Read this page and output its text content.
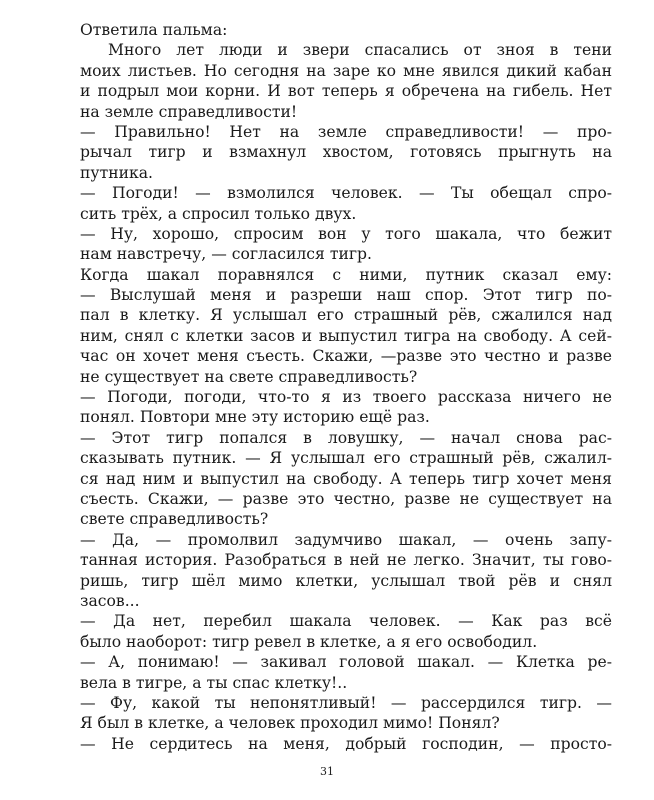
Ответила пальма:
Много лет люди и звери спасались от зноя в тени
моих листьев. Но сегодня на заре ко мне явился дикий кабан
и подрыл мои корни. И вот теперь я обречена на гибель. Нет
на земле справедливости!
— Правильно! Нет на земле справедливости! — про-
рычал тигр и взмахнул хвостом, готовясь прыгнуть на
путника.
— Погоди! — взмолился человек. — Ты обещал спро-
сить трёх, а спросил только двух.
— Ну, хорошо, спросим вон у того шакала, что бежит
нам навстречу, — согласился тигр.
Когда шакал поравнялся с ними, путник сказал ему:
— Выслушай меня и разреши наш спор. Этот тигр по-
пал в клетку. Я услышал его страшный рёв, сжалился над
ним, снял с клетки засов и выпустил тигра на свободу. А сей-
час он хочет меня съесть. Скажи, —разве это честно и разве
не существует на свете справедливость?
— Погоди, погоди, что-то я из твоего рассказа ничего не
понял. Повтори мне эту историю ещё раз.
— Этот тигр попался в ловушку, — начал снова рас-
сказывать путник. — Я услышал его страшный рёв, сжалил-
ся над ним и выпустил на свободу. А теперь тигр хочет меня
съесть. Скажи, — разве это честно, разве не существует на
свете справедливость?
— Да, — промолвил задумчиво шакал, — очень запу-
танная история. Разобраться в ней не легко. Значит, ты гово-
ришь, тигр шёл мимо клетки, услышал твой рёв и снял
засов...
— Да нет, перебил шакала человек. — Как раз всё
было наоборот: тигр ревел в клетке, а я его освободил.
— А, понимаю! — закивал головой шакал. — Клетка ре-
вела в тигре, а ты спас клетку!..
— Фу, какой ты непонятливый! — рассердился тигр. —
Я был в клетке, а человек проходил мимо! Понял?
— Не сердитесь на меня, добрый господин, — просто-
31
